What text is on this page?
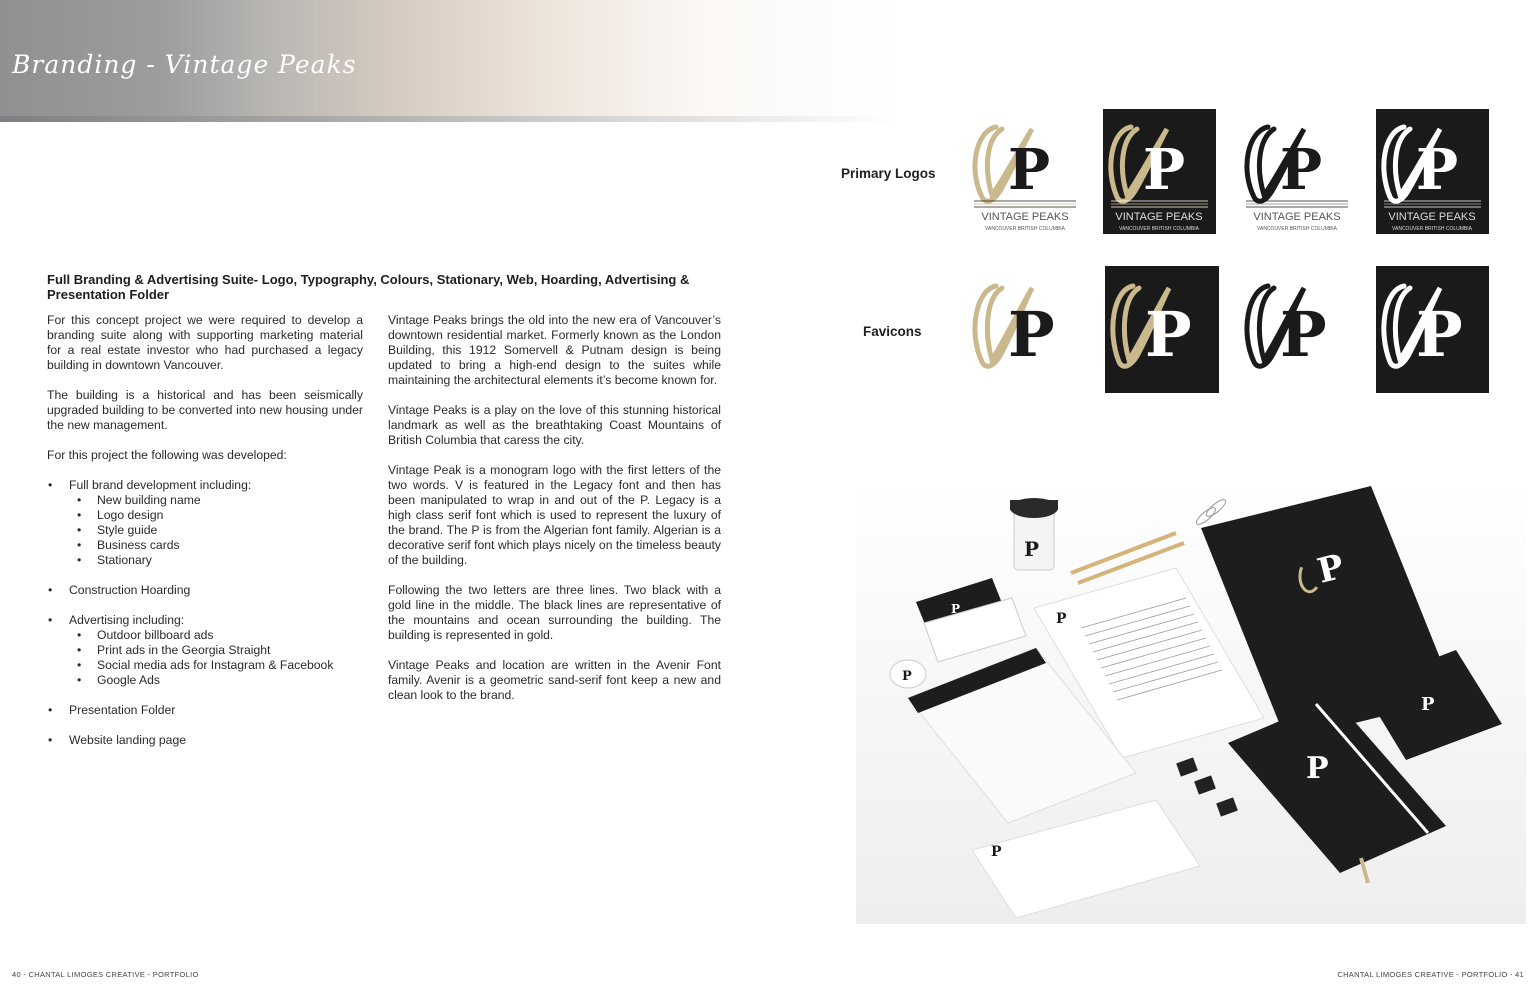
Branding - Vintage Peaks
Full Branding & Advertising Suite- Logo, Typography, Colours, Stationary, Web, Hoarding, Advertising & Presentation Folder

For this concept project we were required to develop a branding suite along with supporting marketing material for a real estate investor who had purchased a legacy building in downtown Vancouver.

The building is a historical and has been seismically upgraded building to be converted into new housing under the new management.

For this project the following was developed:

• Full brand development including:
• New building name
• Logo design
• Style guide
• Business cards
• Stationary
• Construction Hoarding
• Advertising including:
• Outdoor billboard ads
• Print ads in the Georgia Straight
• Social media ads for Instagram & Facebook
• Google Ads
• Presentation Folder
• Website landing page

Vintage Peaks brings the old into the new era of Vancouver’s downtown residential market. Formerly known as the London Building, this 1912 Somervell & Putnam design is being updated to bring a high-end design to the suites while maintaining the architectural elements it’s become known for.

Vintage Peaks is a play on the love of this stunning historical landmark as well as the breathtaking Coast Mountains of British Columbia that caress the city.

Vintage Peak is a monogram logo with the first letters of the two words. V is featured in the Legacy font and then has been manipulated to wrap in and out of the P. Legacy is a high class serif font which is used to represent the luxury of the brand. The P is from the Algerian font family. Algerian is a decorative serif font which plays nicely on the timeless beauty of the building.

Following the two letters are three lines. Two black with a gold line in the middle. The black lines are representative of the mountains and ocean surrounding the building. The building is represented in gold.

Vintage Peaks and location are written in the Avenir Font family. Avenir is a geometric sand-serif font keep a new and clean look to the brand.

Primary Logos
Favicons
P
VINTAGE PEAKS
VANCOUVER BRITISH COLUMBIA
P
VINTAGE PEAKS
VANCOUVER BRITISH COLUMBIA
P
VINTAGE PEAKS
VANCOUVER BRITISH COLUMBIA
P
VINTAGE PEAKS
VANCOUVER BRITISH COLUMBIA
P P P P
P
P
P
P
P
P
P
P
40 - CHANTAL LIMOGES CREATIVE - PORTFOLIO	CHANTAL LIMOGES CREATIVE - PORTFOLIO - 41
